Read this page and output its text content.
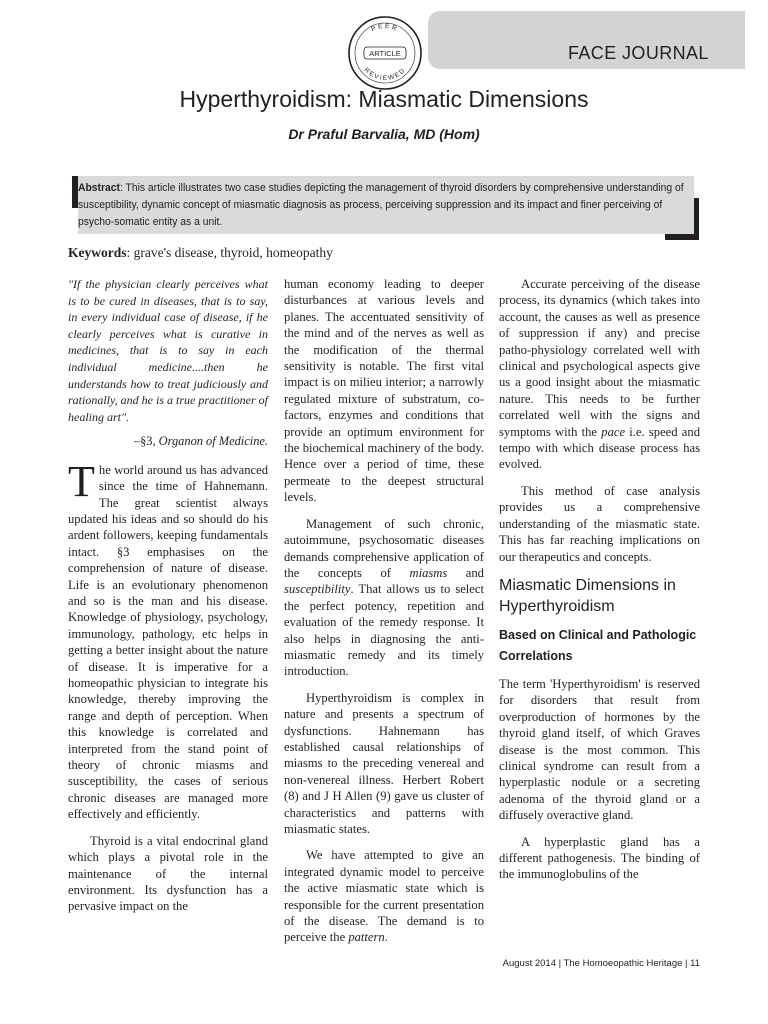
FACE JOURNAL
PEER
REVIEWED
ARTICLE
Hyperthyroidism: Miasmatic Dimensions
Dr Praful Barvalia, MD (Hom)
Abstract: This article illustrates two case studies depicting the management of thyroid disorders by comprehensive understanding of susceptibility, dynamic concept of miasmatic diagnosis as process, perceiving suppression and its impact and finer perceiving of psycho-somatic entity as a unit.
Keywords: grave's disease, thyroid, homeopathy

"If the physician clearly perceives what is to be cured in diseases, that is to say, in every individual case of disease, if he clearly perceives what is curative in medicines, that is to say in each individual medicine....then he understands how to treat judiciously and rationally, and he is a true practitioner of healing art".

–§3, Organon of Medicine.

The world around us has advanced since the time of Hahnemann. The great scientist always updated his ideas and so should do his ardent followers, keeping fundamentals intact. §3 emphasises on the comprehension of nature of disease. Life is an evolutionary phenomenon and so is the man and his disease. Knowledge of physiology, psychology, immunology, pathology, etc helps in getting a better insight about the nature of disease. It is imperative for a homeopathic physician to integrate his knowledge, thereby improving the range and depth of perception. When this knowledge is correlated and interpreted from the stand point of theory of chronic miasms and susceptibility, the cases of serious chronic diseases are managed more effectively and efficiently.

Thyroid is a vital endocrinal gland which plays a pivotal role in the maintenance of the internal environment. Its dysfunction has a pervasive impact on the

human economy leading to deeper disturbances at various levels and planes. The accentuated sensitivity of the mind and of the nerves as well as the modification of the thermal sensitivity is notable. The first vital impact is on milieu interior; a narrowly regulated mixture of substratum, co-factors, enzymes and conditions that provide an optimum environment for the biochemical machinery of the body. Hence over a period of time, these permeate to the deepest structural levels.

Management of such chronic, autoimmune, psychosomatic diseases demands comprehensive application of the concepts of miasms and susceptibility. That allows us to select the perfect potency, repetition and evaluation of the remedy response. It also helps in diagnosing the anti-miasmatic remedy and its timely introduction.

Hyperthyroidism is complex in nature and presents a spectrum of dysfunctions. Hahnemann has established causal relationships of miasms to the preceding venereal and non-venereal illness. Herbert Robert (8) and J H Allen (9) gave us cluster of characteristics and patterns with miasmatic states.

We have attempted to give an integrated dynamic model to perceive the active miasmatic state which is responsible for the current presentation of the disease. The demand is to perceive the pattern.

Accurate perceiving of the disease process, its dynamics (which takes into account, the causes as well as presence of suppression if any) and precise patho-physiology correlated well with clinical and psychological aspects give us a good insight about the miasmatic nature. This needs to be further correlated well with the signs and symptoms with the pace i.e. speed and tempo with which disease process has evolved.

This method of case analysis provides us a comprehensive understanding of the miasmatic state. This has far reaching implications on our therapeutics and concepts.

Miasmatic Dimensions in Hyperthyroidism
Based on Clinical and Pathologic Correlations

The term 'Hyperthyroidism' is reserved for disorders that result from overproduction of hormones by the thyroid gland itself, of which Graves disease is the most common. This clinical syndrome can result from a hyperplastic nodule or a secreting adenoma of the thyroid gland or a diffusely overactive gland.

A hyperplastic gland has a different pathogenesis. The binding of the immunoglobulins of the

August 2014 | The Homoeopathic Heritage | 11
